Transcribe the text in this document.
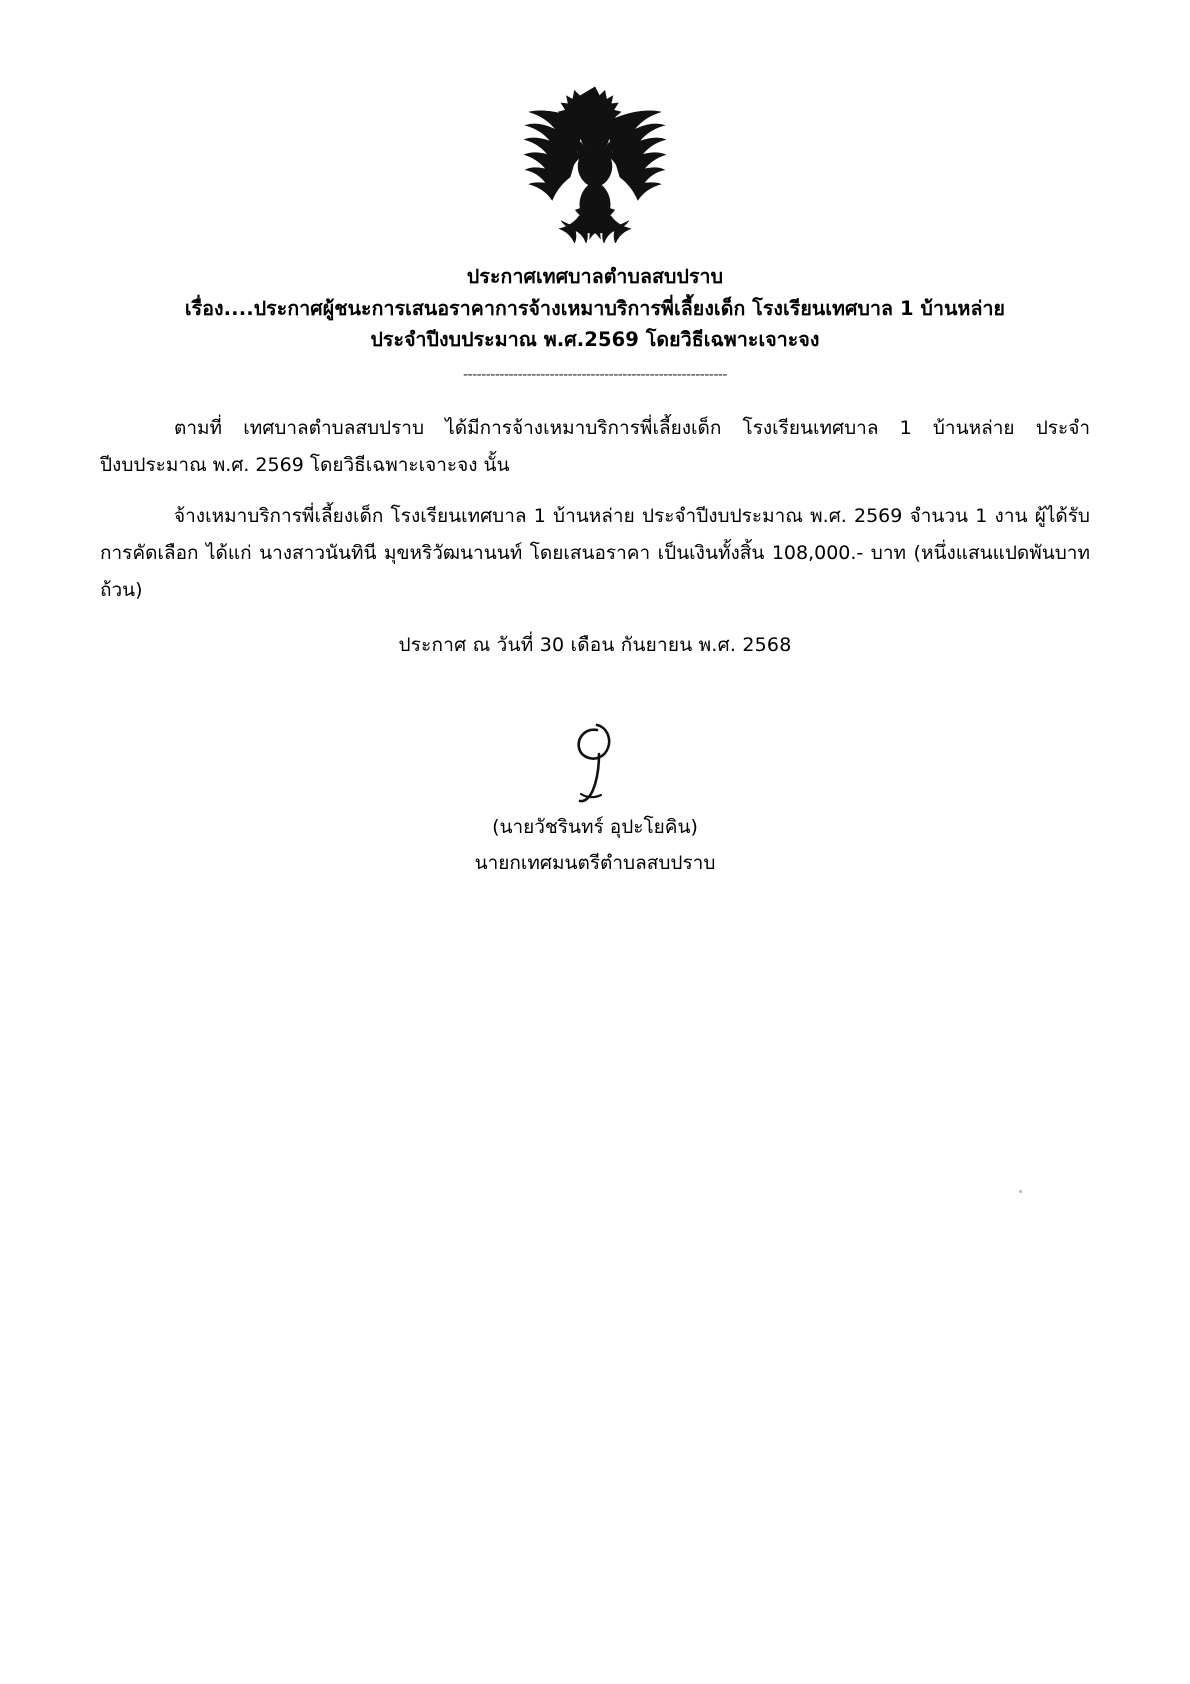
ประกาศเทศบาลตำบลสบปราบ
เรื่อง....ประกาศผู้ชนะการเสนอราคาการจ้างเหมาบริการพี่เลี้ยงเด็ก โรงเรียนเทศบาล 1 บ้านหล่าย
ประจำปีงบประมาณ พ.ศ.2569 โดยวิธีเฉพาะเจาะจง
----------------------------------------------------------

ตามที่ เทศบาลตำบลสบปราบ ได้มีการจ้างเหมาบริการพี่เลี้ยงเด็ก โรงเรียนเทศบาล 1 บ้านหล่าย ประจำปีงบประมาณ พ.ศ. 2569 โดยวิธีเฉพาะเจาะจง นั้น

จ้างเหมาบริการพี่เลี้ยงเด็ก โรงเรียนเทศบาล 1 บ้านหล่าย ประจำปีงบประมาณ พ.ศ. 2569 จำนวน 1 งาน ผู้ได้รับการคัดเลือก ได้แก่ นางสาวนันทินี มุขหริวัฒนานนท์ โดยเสนอราคา เป็นเงินทั้งสิ้น 108,000.- บาท (หนึ่งแสนแปดพันบาทถ้วน)

ประกาศ ณ วันที่ 30 เดือน กันยายน พ.ศ. 2568
(นายวัชรินทร์ อุปะโยคิน)
นายกเทศมนตรีตำบลสบปราบ
